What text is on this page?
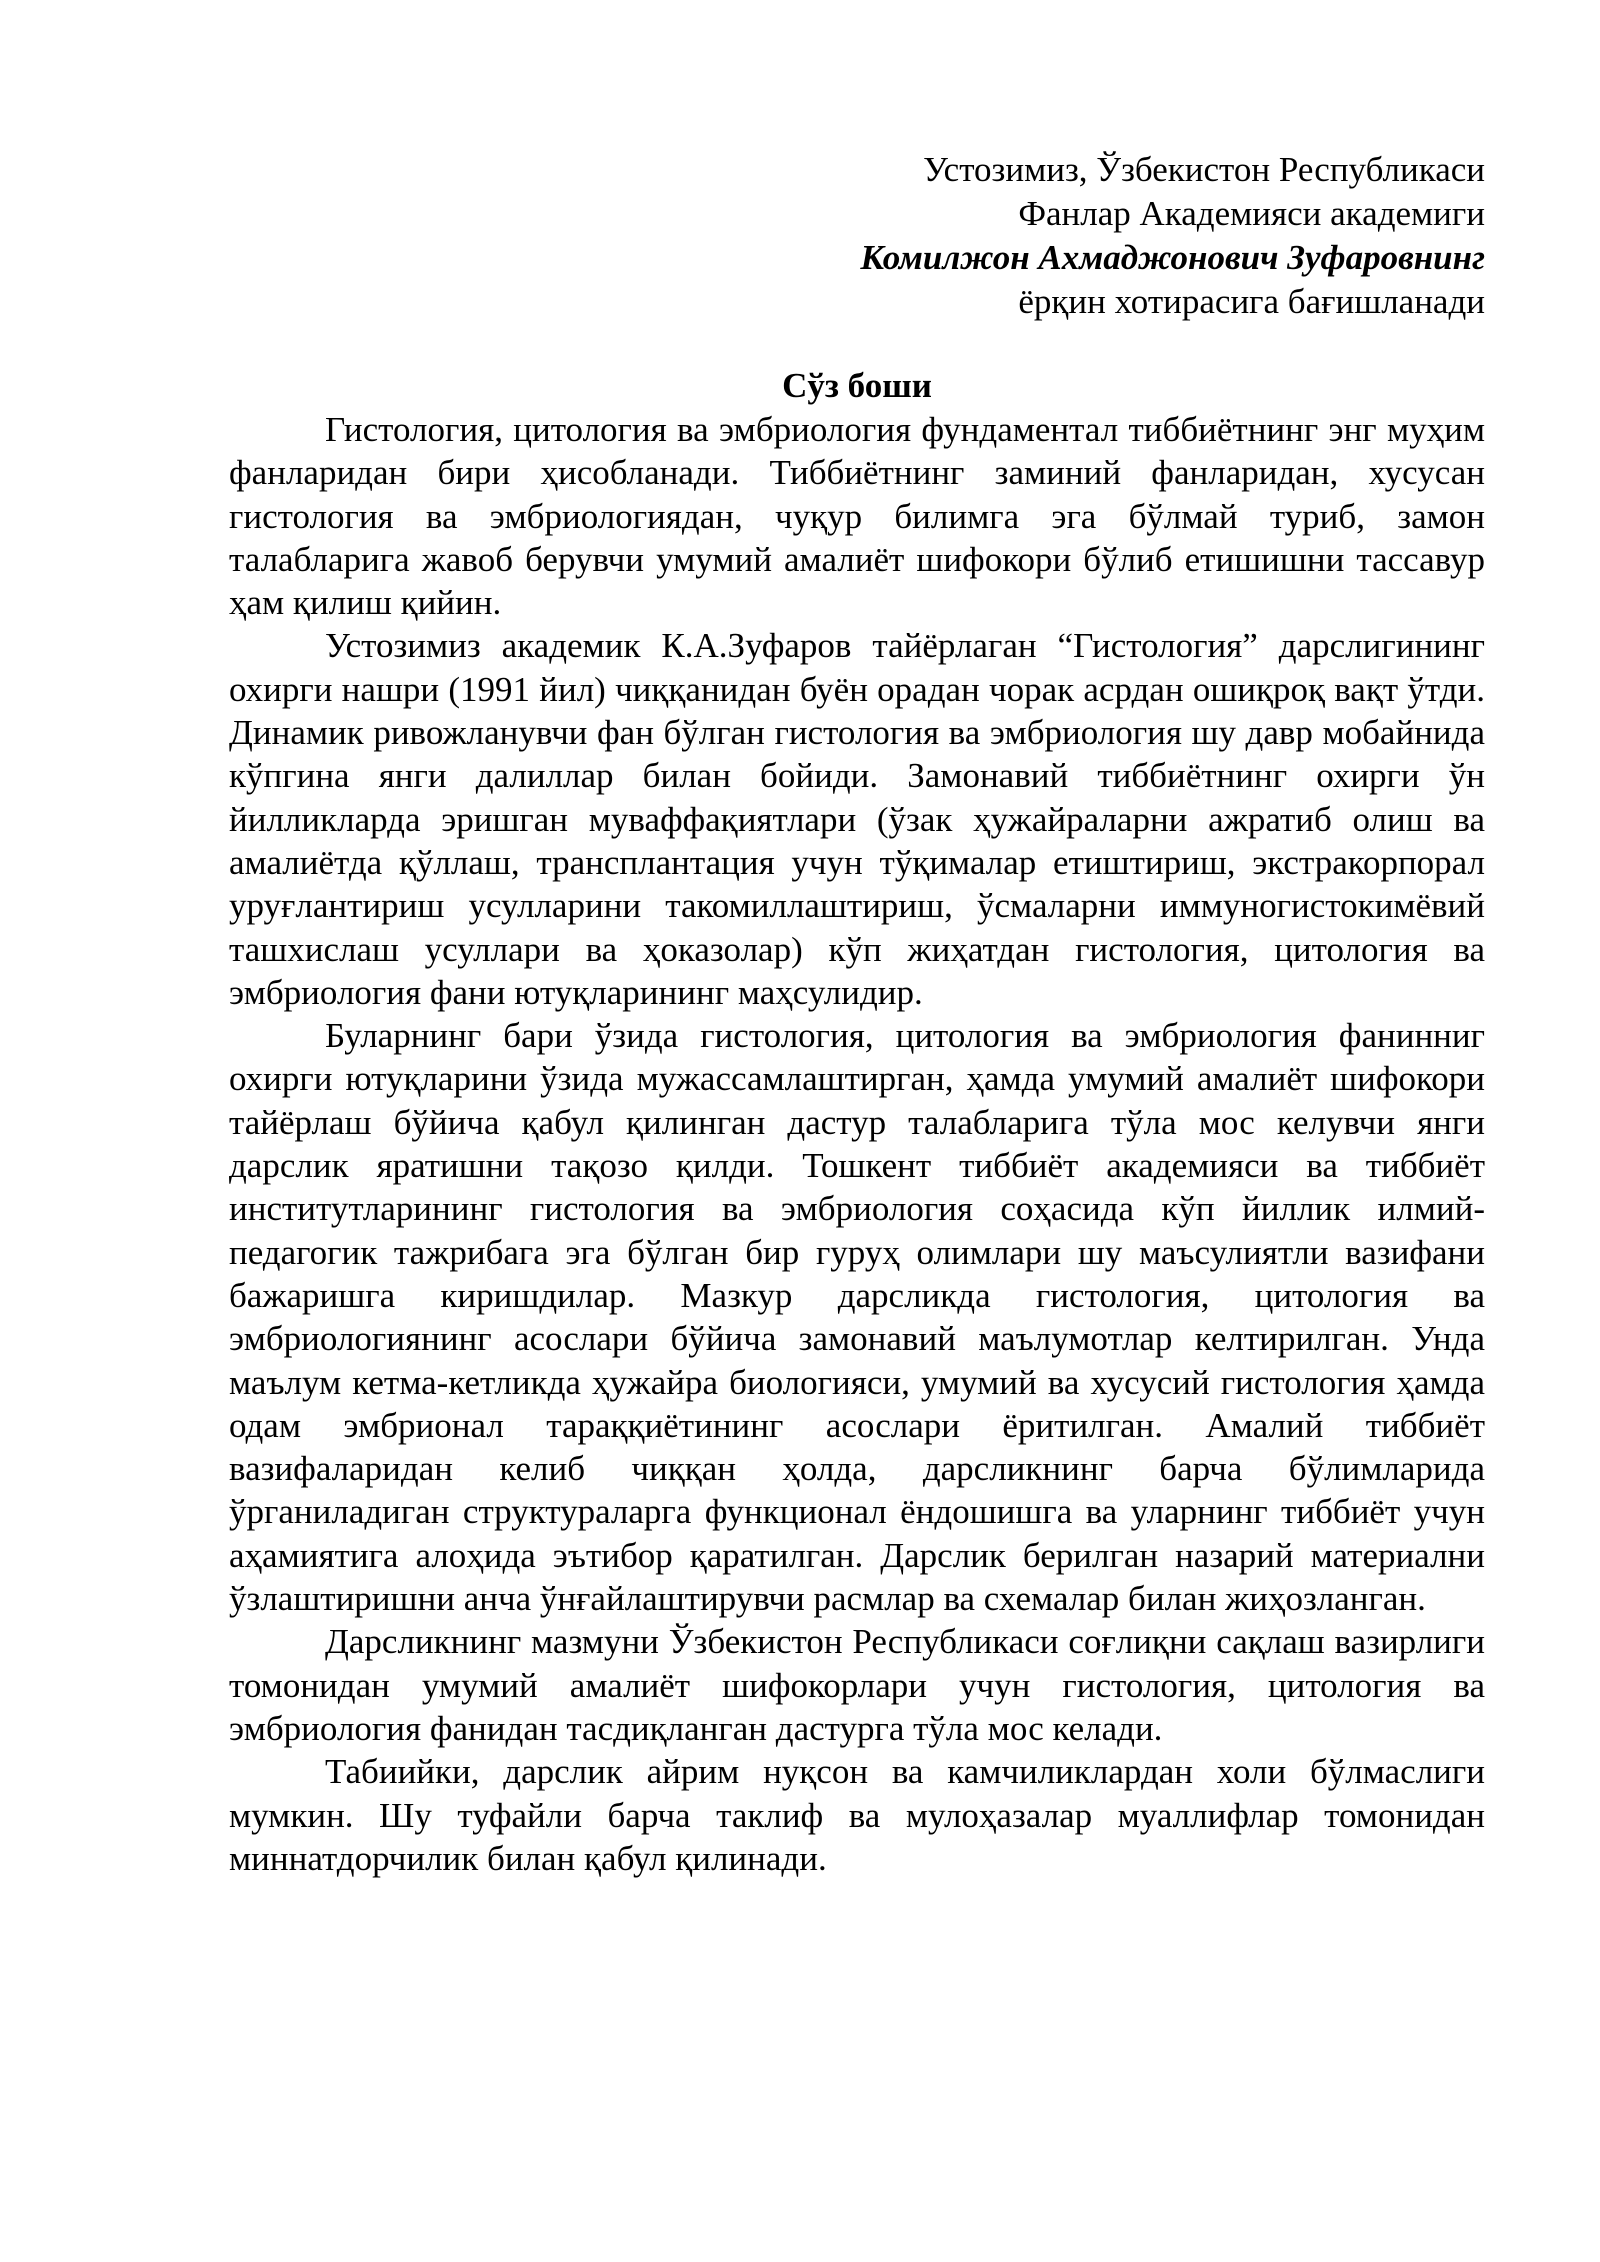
Устозимиз, Ўзбекистон Республикаси
Фанлар Академияси академиги
Комилжон Ахмаджонович Зуфаровнинг
ёрқин хотирасига бағишланади
Сўз боши

Гистология, цитология ва эмбриология фундаментал тиббиётнинг энг муҳим фанларидан бири ҳисобланади. Тиббиётнинг заминий фанларидан, хусусан гистология ва эмбриологиядан, чуқур билимга эга бўлмай туриб, замон талабларига жавоб берувчи умумий амалиёт шифокори бўлиб етишишни тассавур ҳам қилиш қийин.

Устозимиз академик К.А.Зуфаров тайёрлаган “Гистология” дарслигининг охирги нашри (1991 йил) чиққанидан буён орадан чорак асрдан ошиқроқ вақт ўтди. Динамик ривожланувчи фан бўлган гистология ва эмбриология шу давр мобайнида кўпгина янги далиллар билан бойиди. Замонавий тиббиётнинг охирги ўн йилликларда эришган муваффақиятлари (ўзак ҳужайраларни ажратиб олиш ва амалиётда қўллаш, трансплантация учун тўқималар етиштириш, экстракорпорал уруғлантириш усулларини такомиллаштириш, ўсмаларни иммуногистокимёвий ташхислаш усуллари ва ҳоказолар) кўп жиҳатдан гистология, цитология ва эмбриология фани ютуқларининг маҳсулидир.

Буларнинг бари ўзида гистология, цитология ва эмбриология фанинниг охирги ютуқларини ўзида мужассамлаштирган, ҳамда умумий амалиёт шифокори тайёрлаш бўйича қабул қилинган дастур талабларига тўла мос келувчи янги дарслик яратишни тақозо қилди. Тошкент тиббиёт академияси ва тиббиёт институтларининг гистология ва эмбриология соҳасида кўп йиллик илмий-педагогик тажрибага эга бўлган бир гуруҳ олимлари шу маъсулиятли вазифани бажаришга киришдилар. Мазкур дарсликда гистология, цитология ва эмбриологиянинг асослари бўйича замонавий маълумотлар келтирилган. Унда маълум кетма-кетликда ҳужайра биологияси, умумий ва хусусий гистология ҳамда одам эмбрионал тараққиётининг асослари ёритилган. Амалий тиббиёт вазифаларидан келиб чиққан ҳолда, дарсликнинг барча бўлимларида ўрганиладиган структураларга функционал ёндошишга ва уларнинг тиббиёт учун аҳамиятига алоҳида эътибор қаратилган. Дарслик берилган назарий материални ўзлаштиришни анча ўнғайлаштирувчи расмлар ва схемалар билан жиҳозланган.

Дарсликнинг мазмуни Ўзбекистон Республикаси соғлиқни сақлаш вазирлиги томонидан умумий амалиёт шифокорлари учун гистология, цитология ва эмбриология фанидан тасдиқланган дастурга тўла мос келади.

Табиийки, дарслик айрим нуқсон ва камчиликлардан холи бўлмаслиги мумкин. Шу туфайли барча таклиф ва мулоҳазалар муаллифлар томонидан миннатдорчилик билан қабул қилинади.
